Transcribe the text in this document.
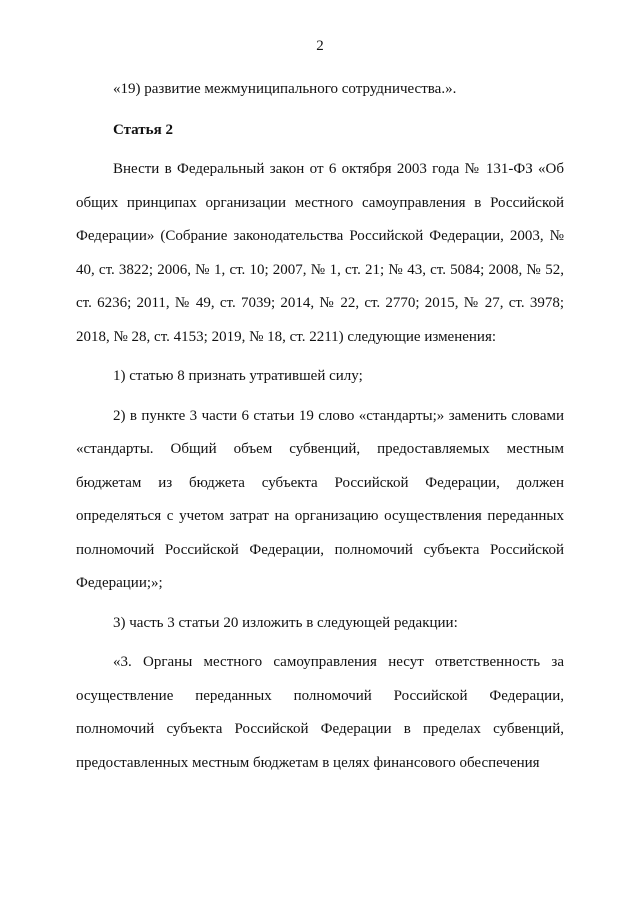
2

«19) развитие межмуниципального сотрудничества.».

Статья 2

Внести в Федеральный закон от 6 октября 2003 года № 131-ФЗ «Об общих принципах организации местного самоуправления в Российской Федерации» (Собрание законодательства Российской Федерации, 2003, № 40, ст. 3822; 2006, № 1, ст. 10; 2007, № 1, ст. 21; № 43, ст. 5084; 2008, № 52, ст. 6236; 2011, № 49, ст. 7039; 2014, № 22, ст. 2770; 2015, № 27, ст. 3978; 2018, № 28, ст. 4153; 2019, № 18, ст. 2211) следующие изменения:

1) статью 8 признать утратившей силу;

2) в пункте 3 части 6 статьи 19 слово «стандарты;» заменить словами «стандарты. Общий объем субвенций, предоставляемых местным бюджетам из бюджета субъекта Российской Федерации, должен определяться с учетом затрат на организацию осуществления переданных полномочий Российской Федерации, полномочий субъекта Российской Федерации;»;

3) часть 3 статьи 20 изложить в следующей редакции:

«3. Органы местного самоуправления несут ответственность за осуществление переданных полномочий Российской Федерации, полномочий субъекта Российской Федерации в пределах субвенций, предоставленных местным бюджетам в целях финансового обеспечения
